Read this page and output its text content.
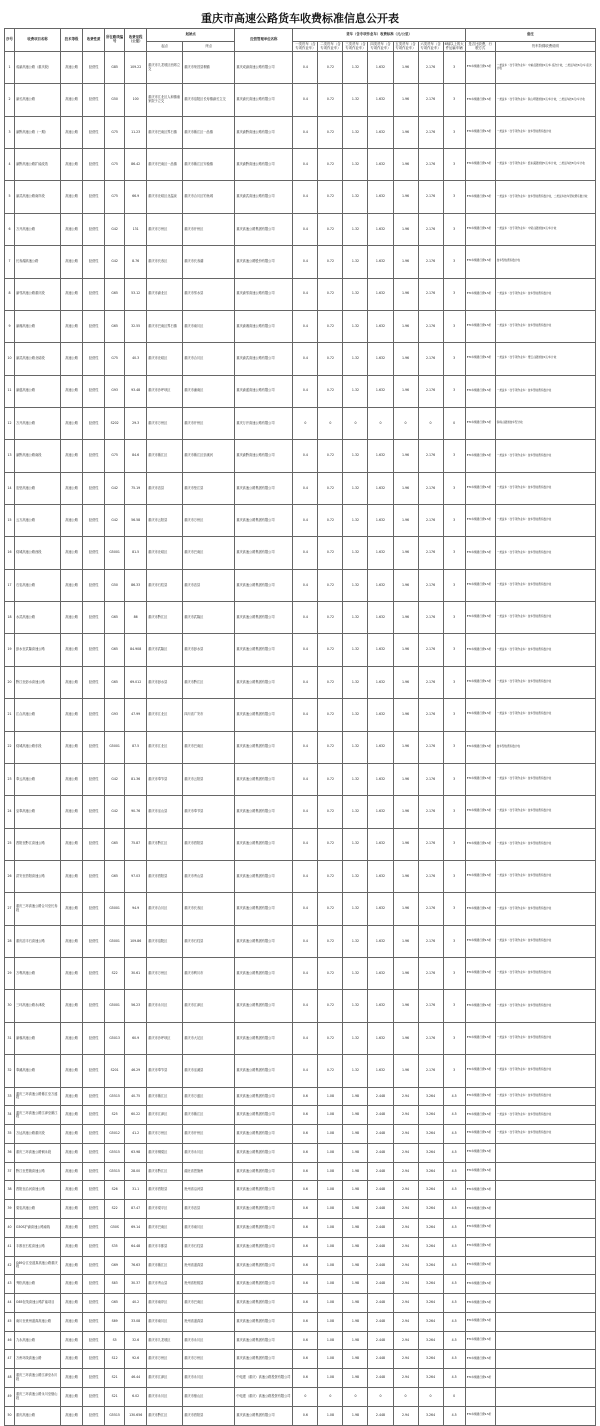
重庆市高速公路货车收费标准信息公开表
序号	收费项目名称	技术等级	收费性质	所在路线编号	收费里程（公里）	起始点		经营管理单位名称	货车（含专项作业车）收费标准（元/公里）							备注	
						起点	终点		一类货车（含专项作业车）	二类货车（含专项作业车）	三类货车（含专项作业车）	四类货车（含专项作业车）	五类货车（含专项作业车）	六类货车（含专项作业车）	6轴以上的大件运输车辆	是否比收费，行驶方式	货车阶梯收费说明

1	成渝高速公路（重庆段）	高速公路	经营性	G85	109.22	重庆市九龙坡区西郊立交	重庆市荣昌县桐镇	重庆成渝高速公路有限公司	0.4	0.72	1.32	1.632	1.96	2.176	3	ETC车辆通行费9.5折	一类货车（含专项作业车）中重点隧道按4元/车·座次计收，二类货车按6元/车·座次计收
2	渝长高速公路	高速公路	经营性	G50	100	重庆市江北区人和镇童家院子立交	重庆市涪陵区长寿镇渝长立交	重庆渝长高速公路有限公司	0.4	0.72	1.32	1.632	1.96	2.176	3	ETC车辆通行费9.5折	一类货车（含专项作业车）铁山坪隧道按4元/车计收，二类货车按6元/车计收
3	渝黔高速公路（一期）	高速公路	经营性	G75	11.23	重庆市巴南区界石镇	重庆市綦江区一品镇	重庆渝黔高速公路有限公司	0.4	0.72	1.32	1.632	1.96	2.176	3	ETC车辆通行费9.5折	一类货车（含专项作业车）按车型收费系数计收
4	渝黔高速公路扩能改造	高速公路	经营性	G75	86.42	重庆市巴南区一品镇	重庆市綦江区安稳镇	重庆渝黔高速公路有限公司	0.4	0.72	1.32	1.632	1.96	2.176	3	ETC车辆通行费9.5折	一类货车（含专项作业车）经东溪隧道按5元/车计收，二类货车按8元/车计收
5	渝武高速公路南岸段	高速公路	经营性	G75	66.9	重庆市北碚区北温泉	重庆市合川区钓鱼城	重庆渝武高速公路有限公司	0.4	0.72	1.32	1.632	1.96	2.176	3	ETC车辆通行费9.5折	一类货车（含专项作业车）按车型收费系数计收，二类货车按车型收费系数计收
6	万开高速公路	高速公路	经营性	G42	131	重庆市万州区	重庆市开州区	重庆高速公路集团有限公司	0.4	0.72	1.32	1.632	1.96	2.176	3	ETC车辆通行费9.5折	一类货车（含专项作业车）中梁山隧道按4元/车计收
7	长寿湖高速公路	高速公路	经营性	G42	8.76	重庆市长寿区	重庆市长寿湖	重庆高速公路股份有限公司	0.4	0.72	1.32	1.632	1.96	2.176	3	ETC车辆通行费9.5折	按车型收费系数计收
8	渝邻高速公路重庆段	高速公路	经营性	G65	53.12	重庆市渝北区	重庆市邻水县	重庆渝邻高速公路有限公司	0.4	0.72	1.32	1.632	1.96	2.176	3	ETC车辆通行费9.5折	一类货车（含专项作业车）按车型收费系数计收
9	渝湘高速公路	高速公路	经营性	G65	32.55	重庆市巴南区界石镇	重庆市南川区	重庆渝湘高速公路有限公司	0.4	0.72	1.32	1.632	1.96	2.176	3	ETC车辆通行费9.5折	一类货车（含专项作业车）按车型收费系数计收
10	渝武高速公路北碚段	高速公路	经营性	G75	40.3	重庆市北碚区	重庆市合川区	重庆渝武高速公路有限公司	0.4	0.72	1.32	1.632	1.96	2.176	3	ETC车辆通行费9.5折	一类货车（含专项作业车）缙云山隧道按4元/车计收
11	渝遂高速公路	高速公路	经营性	G93	93.48	重庆市沙坪坝区	重庆市潼南区	重庆渝遂高速公路有限公司	0.4	0.72	1.32	1.632	1.96	2.176	3	ETC车辆通行费9.5折	一类货车（含专项作业车）按车型收费系数计收
12	万开高速公路	高速公路	经营性	S202	29.3	重庆市万州区	重庆市开州区	重庆万开高速公路有限公司	0	0	0	0	0	0	0	ETC车辆通行费9.5折	铁峰山隧道按车型计收
13	渝黔高速公路南段	高速公路	经营性	G75	84.6	重庆市綦江区	重庆市綦江区崇溪河	重庆渝黔高速公路有限公司	0.4	0.72	1.32	1.632	1.96	2.176	3	ETC车辆通行费9.5折	一类货车（含专项作业车）按车型收费系数计收
14	忠垫高速公路	高速公路	经营性	G42	75.19	重庆市忠县	重庆市垫江县	重庆高速公路集团有限公司	0.4	0.72	1.32	1.632	1.96	2.176	3	ETC车辆通行费9.5折	一类货车（含专项作业车）按车型收费系数计收
15	云万高速公路	高速公路	经营性	G42	56.58	重庆市云阳县	重庆市万州区	重庆高速公路集团有限公司	0.4	0.72	1.32	1.632	1.96	2.176	3	ETC车辆通行费9.5折	一类货车（含专项作业车）按车型收费系数计收
16	绕城高速公路西段	高速公路	经营性	G5001	81.5	重庆市北碚区	重庆市巴南区	重庆高速公路集团有限公司	0.4	0.72	1.32	1.632	1.96	2.176	3	ETC车辆通行费9.5折	一类货车（含专项作业车）按车型收费系数计收
17	石忠高速公路	高速公路	经营性	G50	86.33	重庆市石柱县	重庆市忠县	重庆高速公路集团有限公司	0.4	0.72	1.32	1.632	1.96	2.176	3	ETC车辆通行费9.5折	一类货车（含专项作业车）按车型收费系数计收
18	水武高速公路	高速公路	经营性	G65	86	重庆市黔江区	重庆市武隆区	重庆高速公路集团有限公司	0.4	0.72	1.32	1.632	1.96	2.176	3	ETC车辆通行费9.5折	一类货车（含专项作业车）按车型收费系数计收
19	彭水至武隆高速公路	高速公路	经营性	G65	84.908	重庆市武隆区	重庆市彭水县	重庆高速公路集团有限公司	0.4	0.72	1.32	1.632	1.96	2.176	3	ETC车辆通行费9.5折	一类货车（含专项作业车）按车型收费系数计收
20	黔江至彭水高速公路	高速公路	经营性	G65	69.012	重庆市彭水县	重庆市黔江区	重庆高速公路集团有限公司	0.4	0.72	1.32	1.632	1.96	2.176	3	ETC车辆通行费9.5折	一类货车（含专项作业车）按车型收费系数计收
21	江合高速公路	高速公路	经营性	G93	47.99	重庆市江北区	四川省广安市	重庆高速公路集团有限公司	0.4	0.72	1.32	1.632	1.96	2.176	3	ETC车辆通行费9.5折	一类货车（含专项作业车）按车型收费系数计收
22	绕城高速公路东段	高速公路	经营性	G5001	87.5	重庆市江北区	重庆市巴南区	重庆高速公路集团有限公司	0.4	0.72	1.32	1.632	1.96	2.176	3	ETC车辆通行费9.5折	按车型收费系数计收
23	奉云高速公路	高速公路	经营性	G42	81.36	重庆市奉节县	重庆市云阳县	重庆高速公路集团有限公司	0.4	0.72	1.32	1.632	1.96	2.176	3	ETC车辆通行费9.5折	一类货车（含专项作业车）按车型收费系数计收
24	巫奉高速公路	高速公路	经营性	G42	90.76	重庆市巫山县	重庆市奉节县	重庆高速公路集团有限公司	0.4	0.72	1.32	1.632	1.96	2.176	3	ETC车辆通行费9.5折	一类货车（含专项作业车）按车型收费系数计收
25	酉阳至黔江高速公路	高速公路	经营性	G65	75.87	重庆市黔江区	重庆市酉阳县	重庆高速公路集团有限公司	0.4	0.72	1.32	1.632	1.96	2.176	3	ETC车辆通行费9.5折	一类货车（含专项作业车）按车型收费系数计收
26	洪安至酉阳高速公路	高速公路	经营性	G65	97.03	重庆市酉阳县	重庆市秀山县	重庆高速公路集团有限公司	0.4	0.72	1.32	1.632	1.96	2.176	3	ETC车辆通行费9.5折	一类货车（含专项作业车）按车型收费系数计收
27	重庆三环高速公路合川至长寿段	高速公路	经营性	G5001	94.9	重庆市合川区	重庆市长寿区	重庆高速公路集团有限公司	0.4	0.72	1.32	1.632	1.96	2.176	3	ETC车辆通行费9.5折	一类货车（含专项作业车）按车型收费系数计收
28	重庆涪丰石高速公路	高速公路	经营性	G5001	109.86	重庆市涪陵区	重庆市石柱县	重庆高速公路集团有限公司	0.4	0.72	1.32	1.632	1.96	2.176	3	ETC车辆通行费9.5折	一类货车（含专项作业车）按车型收费系数计收
29	万利高速公路	高速公路	经营性	S22	30.61	重庆市万州区	重庆市利川市	重庆高速公路集团有限公司	0.4	0.72	1.32	1.632	1.96	2.176	3	ETC车辆通行费9.5折	一类货车（含专项作业车）按车型收费系数计收
30	三环高速公路永津段	高速公路	经营性	G5001	56.23	重庆市永川区	重庆市江津区	重庆高速公路集团有限公司	0.4	0.72	1.32	1.632	1.96	2.176	3	ETC车辆通行费9.5折	一类货车（含专项作业车）按车型收费系数计收
31	渝蓉高速公路	高速公路	经营性	G5013	60.9	重庆市沙坪坝区	重庆市大足区	重庆高速公路集团有限公司	0.4	0.72	1.32	1.632	1.96	2.176	3	ETC车辆通行费9.5折	一类货车（含专项作业车）按车型收费系数计收
32	奉溪高速公路	高速公路	经营性	S201	46.29	重庆市奉节县	重庆市巫溪县	重庆高速公路集团有限公司	0.4	0.72	1.32	1.632	1.96	2.176	3	ETC车辆通行费9.5折	一类货车（含专项作业车）按车型收费系数计收
33	重庆三环高速公路綦江至万盛段	高速公路	经营性	G5515	40.75	重庆市綦江区	重庆市万盛区	重庆高速公路集团有限公司	0.6	1.08	1.98	2.448	2.94	3.264	4.5	ETC车辆通行费9.5折	一类货车（含专项作业车）按车型收费系数计收
34	重庆三环高速公路江津至綦江段	高速公路	经营性	S25	60.22	重庆市江津区	重庆市綦江区	重庆高速公路集团有限公司	0.6	1.08	1.98	2.448	2.94	3.264	4.5	ETC车辆通行费9.5折	一类货车（含专项作业车）按车型收费系数计收
35	万达高速公路重庆段	高速公路	经营性	G5012	41.2	重庆市万州区	重庆市开州区	重庆高速公路集团有限公司	0.6	1.08	1.98	2.448	2.94	3.264	4.5	ETC车辆通行费9.5折	一类货车（含专项作业车）按车型收费系数计收
36	重庆三环高速公路铜永段	高速公路	经营性	G5515	63.98	重庆市铜梁区	重庆市永川区	重庆高速公路集团有限公司	0.6	1.08	1.98	2.448	2.94	3.264	4.5	ETC车辆通行费9.5折	
37	黔江至恩施高速公路	高速公路	经营性	G5515	28.00	重庆市黔江区	湖北省恩施州	重庆高速公路集团有限公司	0.6	1.08	1.98	2.448	2.94	3.264	4.5	ETC车辆通行费9.5折	
38	酉阳至沿河高速公路	高速公路	经营性	S26	31.1	重庆市酉阳县	贵州省沿河县	重庆高速公路集团有限公司	0.6	1.08	1.98	2.448	2.94	3.264	4.5	ETC车辆通行费9.5折	
39	梁忠高速公路	高速公路	经营性	S22	87.47	重庆市梁平区	重庆市忠县	重庆高速公路集团有限公司	0.6	1.08	1.98	2.448	2.94	3.264	4.5	ETC车辆通行费9.5折	
40	G50S沪渝高速公路南线	高速公路	经营性	G50S	69.14	重庆市巴南区	重庆市南川区	重庆高速公路集团有限公司	0.6	1.08	1.98	2.448	2.94	3.264	4.5	ETC车辆通行费9.5折	
41	丰都至石柱高速公路	高速公路	经营性	S35	64.48	重庆市丰都县	重庆市石柱县	重庆高速公路集团有限公司	0.6	1.08	1.98	2.448	2.94	3.264	4.5	ETC车辆通行费9.5折	
42	G69合江至道真高速公路重庆段	高速公路	经营性	G69	76.63	重庆市綦江区	贵州省道真县	重庆高速公路集团有限公司	0.6	1.08	1.98	2.448	2.94	3.264	4.5	ETC车辆通行费9.5折	
43	秀松高速公路	高速公路	经营性	S63	30.37	重庆市秀山县	贵州省松桃县	重庆高速公路集团有限公司	0.6	1.08	1.98	2.448	2.94	3.264	4.5	ETC车辆通行费9.5折	
44	G65包茂高速公路扩能项目	高速公路	经营性	G65	40.2	重庆市南岸区	重庆市巴南区	重庆高速公路集团有限公司	0.6	1.08	1.98	2.448	2.94	3.264	4.5	ETC车辆通行费9.5折	
45	南川至贵州道真高速公路	高速公路	经营性	S69	33.08	重庆市南川区	贵州省道真县	重庆高速公路集团有限公司	0.6	1.08	1.98	2.448	2.94	3.264	4.5	ETC车辆通行费9.5折	
46	九永高速公路	高速公路	经营性	S5	32.6	重庆市九龙坡区	重庆市永川区	重庆高速公路集团有限公司	0.6	1.08	1.98	2.448	2.94	3.264	4.5	ETC车辆通行费9.5折	
47	万州环线高速公路	高速公路	经营性	S12	92.6	重庆市万州区	重庆市万州区	重庆高速公路集团有限公司	0.6	1.08	1.98	2.448	2.94	3.264	4.5	ETC车辆通行费9.5折	
48	重庆三环高速公路江津至永川段	高速公路	经营性	S21	46.44	重庆市江津区	重庆市永川区	中电建（重庆）高速公路投资有限公司	0.6	1.08	1.98	2.448	2.94	3.264	4.5	ETC车辆通行费9.5折	
49	重庆三环高速公路永川至璧山段	高速公路	经营性	S21	6.02	重庆市永川区	重庆市璧山区	中电建（重庆）高速公路投资有限公司	0	0	0	0	0	0	0		
50	重庆高速公路	高速公路	经营性	G5515	130.656	重庆市黔江区	重庆市酉阳县	重庆高速公路集团有限公司	0.6	1.08	1.98	2.448	2.94	3.264	4.5	ETC车辆通行费9.5折	
